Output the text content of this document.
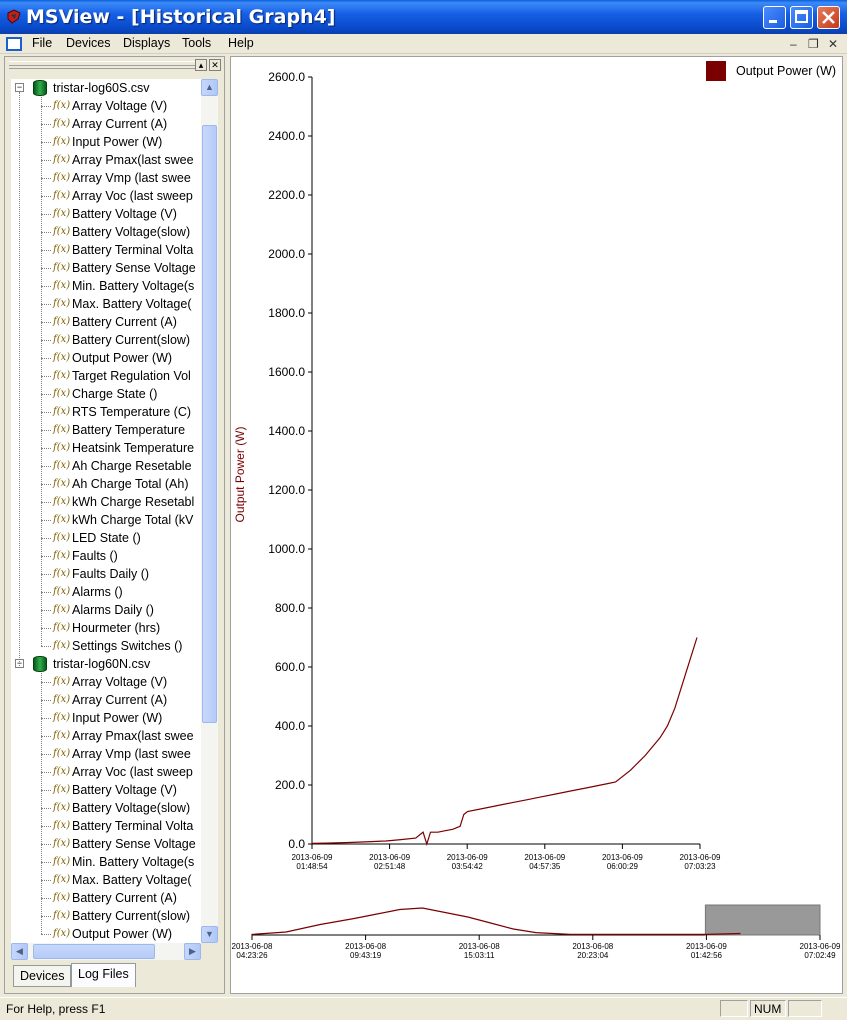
MSView - [Historical Graph4]
File Devices Displays Tools Help	– ❐ ✕
▴ ✕
− tristar-log60S.csv
f(x) Array Voltage (V)
f(x) Array Current (A)
f(x) Input Power (W)
f(x) Array Pmax(last swee
f(x) Array Vmp (last swee
f(x) Array Voc (last sweep
f(x) Battery Voltage (V)
f(x) Battery Voltage(slow)
f(x) Battery Terminal Volta
f(x) Battery Sense Voltage
f(x) Min. Battery Voltage(s
f(x) Max. Battery Voltage(
f(x) Battery Current (A)
f(x) Battery Current(slow)
f(x) Output Power (W)
f(x) Target Regulation Vol
f(x) Charge State ()
f(x) RTS Temperature (C)
f(x) Battery Temperature
f(x) Heatsink Temperature
f(x) Ah Charge Resetable
f(x) Ah Charge Total (Ah)
f(x) kWh Charge Resetabl
f(x) kWh Charge Total (kV
f(x) LED State ()
f(x) Faults ()
f(x) Faults Daily ()
f(x) Alarms ()
f(x) Alarms Daily ()
f(x) Hourmeter (hrs)
f(x) Settings Switches ()
− tristar-log60N.csv
f(x) Array Voltage (V)
f(x) Array Current (A)
f(x) Input Power (W)
f(x) Array Pmax(last swee
f(x) Array Vmp (last swee
f(x) Array Voc (last sweep
f(x) Battery Voltage (V)
f(x) Battery Voltage(slow)
f(x) Battery Terminal Volta
f(x) Battery Sense Voltage
f(x) Min. Battery Voltage(s
f(x) Max. Battery Voltage(
f(x) Battery Current (A)
f(x) Battery Current(slow)
f(x) Output Power (W)
▲
▼
◀	▶
Devices	Log Files
0.0
200.0
400.0
600.0
800.0
1000.0
1200.0
1400.0
1600.0
1800.0
2000.0
2200.0
2400.0
2600.0
Output Power (W)
2013-06-09
01:48:54
2013-06-09
02:51:48
2013-06-09
03:54:42
2013-06-09
04:57:35
2013-06-09
06:00:29
2013-06-09
07:03:23
Output Power (W)
2013-06-08
04:23:26
2013-06-08
09:43:19
2013-06-08
15:03:11
2013-06-08
20:23:04
2013-06-09
01:42:56
2013-06-09
07:02:49
For Help, press F1	NUM
